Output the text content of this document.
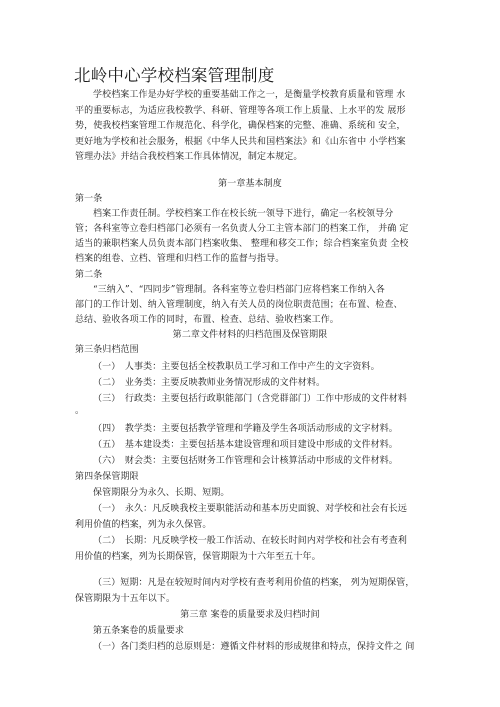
北岭中心学校档案管理制度
学校档案工作是办好学校的重要基础工作之一，是衡量学校教育质量和管理 水
平的重要标志，为适应我校教学、科研、管理等各项工作上质量、上水平的发 展形
势，使我校档案管理工作规范化、科学化，确保档案的完整、准确、系统和 安全，
更好地为学校和社会服务，根据《中华人民共和国档案法》和《山东省中 小学档案
管理办法》并结合我校档案工作具体情况，制定本规定。
第一章基本制度
第一条
档案工作责任制。学校档案工作在校长统一领导下进行，确定一名校领导分
管；各科室等立卷归档部门必须有一名负责人分工主管本部门的档案工作， 并确 定
适当的兼职档案人员负责本部门档案收集、 整理和移交工作；综合档案室负责 全校
档案的组卷、立档、管理和归档工作的监督与指导。
第二条
“三纳入”、“四同步”管理制。各科室等立卷归档部门应将档案工作纳入各
部门的工作计划、纳入管理制度，纳入有关人员的岗位职责范围；在布置、检查、
总结、验收各项工作的同时，布置、检查、总结、验收档案工作。
第二章文件材料的归档范围及保管期限
第三条归档范围
（一）　人事类：主要包括全校教职员工学习和工作中产生的文字资料。
（二）　业务类：主要反映教师业务情况形成的文件材料。
（三）　行政类：主要包括行政职能部门（含党群部门）工作中形成的文件材料
。
（四）　教学类：主要包括教学管理和学籍及学生各项活动形成的文字材料。
（五）　基本建设类：主要包括基本建设管理和项目建设中形成的文件材料。
（六）　财会类：主要包括财务工作管理和会计核算活动中形成的文件材料。
第四条保管期限
保管期限分为永久、长期、短期。
（一）　永久：凡反映我校主要职能活动和基本历史面貌、对学校和社会有长远
利用价值的档案，列为永久保管。
（二）　长期：凡反映学校一般工作活动、在较长时间内对学校和社会有考查利
用价值的档案，列为长期保管，保管期限为十六年至五十年。
（三）短期：凡是在较短时间内对学校有查考利用价值的档案， 列为短期保管，
保管期限为十五年以下。
第三章 案卷的质量要求及归档时间
第五条案卷的质量要求
（一）各门类归档的总原则是：遵循文件材料的形成规律和特点，保持文件之 间
